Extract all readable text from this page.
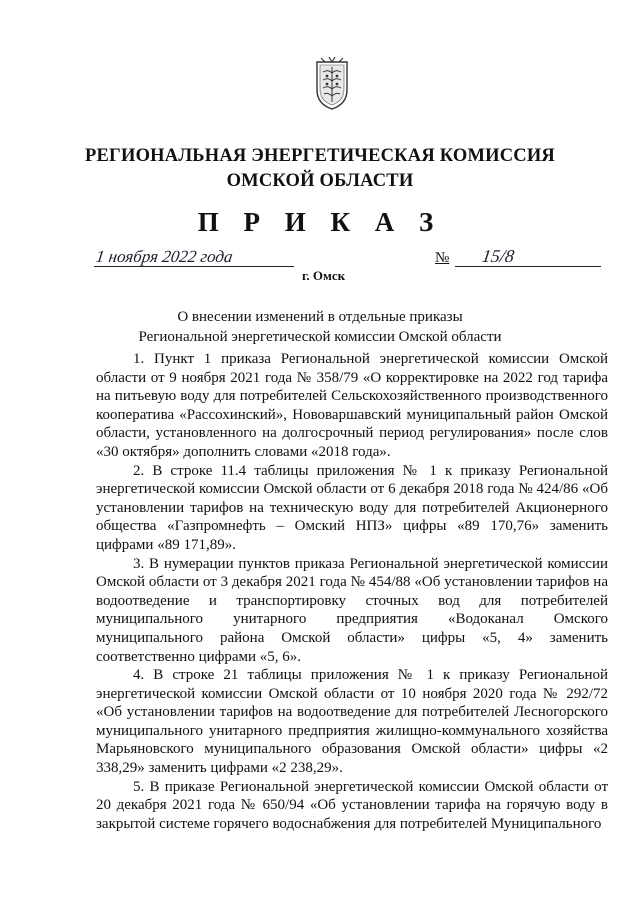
РЕГИОНАЛЬНАЯ ЭНЕРГЕТИЧЕСКАЯ КОМИССИЯ
ОМСКОЙ ОБЛАСТИ
П Р И К А З
1 ноября 2022 года
г. Омск
№ 15/8
О внесении изменений в отдельные приказы
Региональной энергетической комиссии Омской области

1. Пункт 1 приказа Региональной энергетической комиссии Омской области от 9 ноября 2021 года № 358/79 «О корректировке на 2022 год тарифа на питьевую воду для потребителей Сельскохозяйственного производственного кооператива «Рассохинский», Нововаршавский муниципальный район Омской области, установленного на долгосрочный период регулирования» после слов «30 октября» дополнить словами «2018 года».

2. В строке 11.4 таблицы приложения № 1 к приказу Региональной энергетической комиссии Омской области от 6 декабря 2018 года № 424/86 «Об установлении тарифов на техническую воду для потребителей Акционерного общества «Газпромнефть – Омский НПЗ» цифры «89 170,76» заменить цифрами «89 171,89».

3. В нумерации пунктов приказа Региональной энергетической комиссии Омской области от 3 декабря 2021 года № 454/88 «Об установлении тарифов на водоотведение и транспортировку сточных вод для потребителей муниципального унитарного предприятия «Водоканал Омского муниципального района Омской области» цифры «5, 4» заменить соответственно цифрами «5, 6».

4. В строке 21 таблицы приложения № 1 к приказу Региональной энергетической комиссии Омской области от 10 ноября 2020 года № 292/72 «Об установлении тарифов на водоотведение для потребителей Лесногорского муниципального унитарного предприятия жилищно-коммунального хозяйства Марьяновского муниципального образования Омской области» цифры «2 338,29» заменить цифрами «2 238,29».

5. В приказе Региональной энергетической комиссии Омской области от 20 декабря 2021 года № 650/94 «Об установлении тарифа на горячую воду в закрытой системе горячего водоснабжения для потребителей Муниципального
